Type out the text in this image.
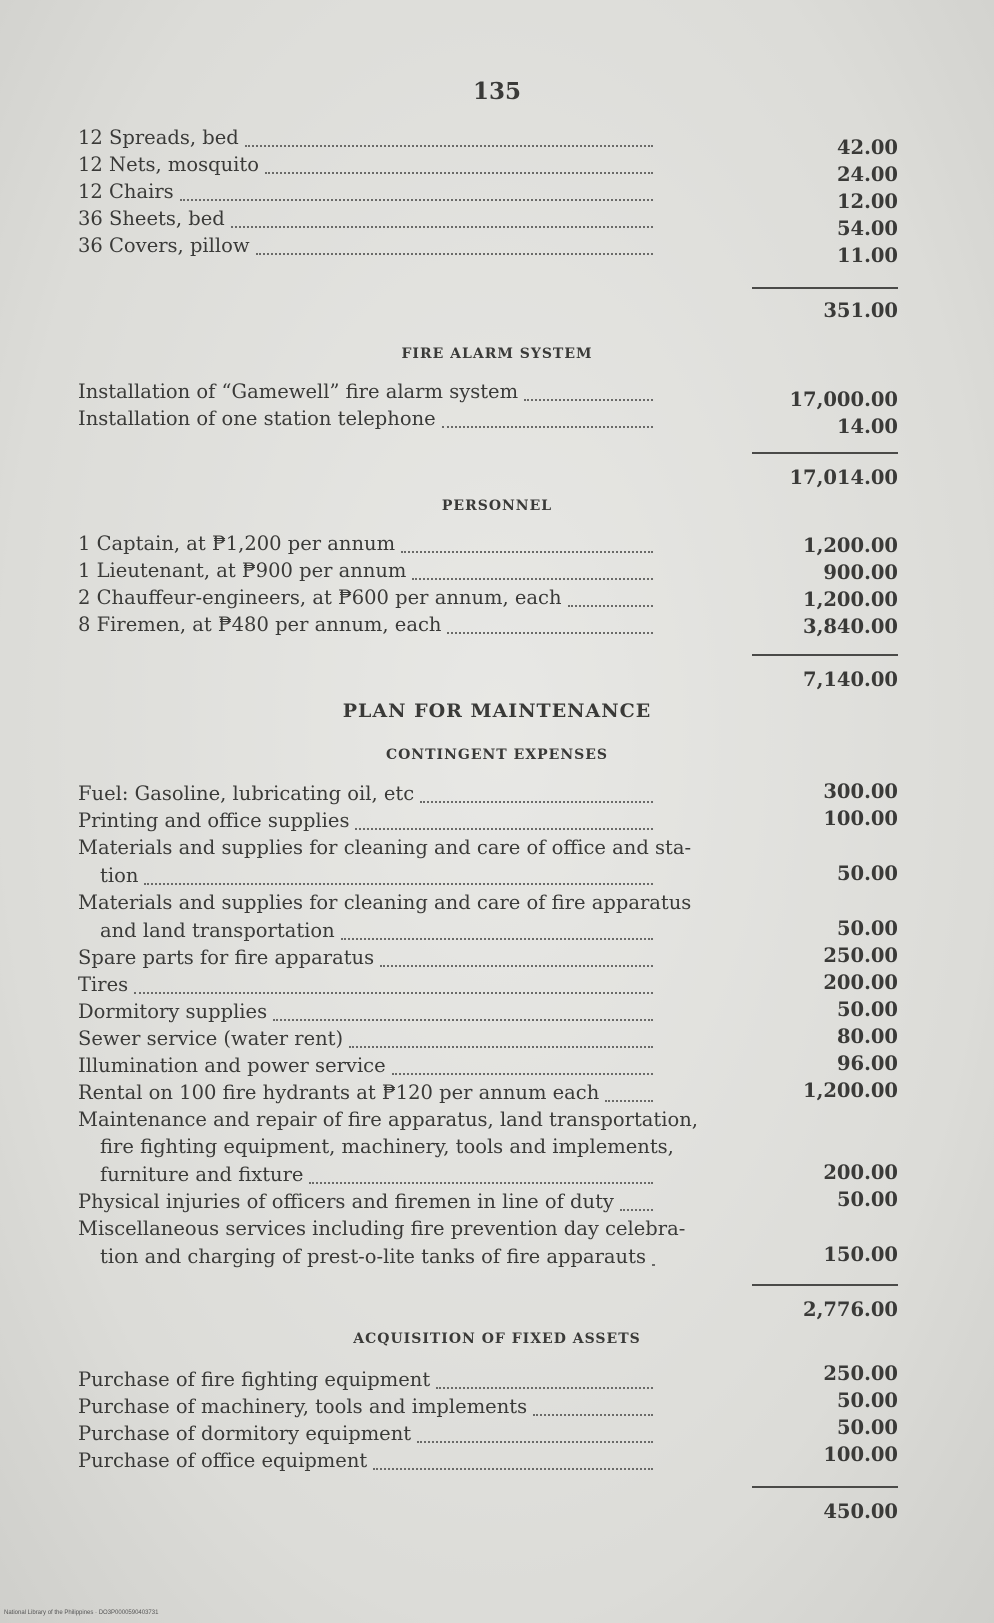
135
12 Spreads, bed	42.00
12 Nets, mosquito	24.00
12 Chairs	12.00
36 Sheets, bed	54.00
36 Covers, pillow	11.00
351.00
FIRE ALARM SYSTEM
Installation of “Gamewell” fire alarm system	17,000.00
Installation of one station telephone	14.00
17,014.00
PERSONNEL
1 Captain, at ₱1,200 per annum	1,200.00
1 Lieutenant, at ₱900 per annum	900.00
2 Chauffeur-engineers, at ₱600 per annum, each	1,200.00
8 Firemen, at ₱480 per annum, each	3,840.00
7,140.00
PLAN FOR MAINTENANCE
CONTINGENT EXPENSES
Fuel: Gasoline, lubricating oil, etc	300.00
Printing and office supplies	100.00
Materials and supplies for cleaning and care of office and sta-
tion	50.00
Materials and supplies for cleaning and care of fire apparatus
and land transportation	50.00
Spare parts for fire apparatus	250.00
Tires	200.00
Dormitory supplies	50.00
Sewer service (water rent)	80.00
Illumination and power service	96.00
Rental on 100 fire hydrants at ₱120 per annum each	1,200.00
Maintenance and repair of fire apparatus, land transportation,
fire fighting equipment, machinery, tools and implements,
furniture and fixture	200.00
Physical injuries of officers and firemen in line of duty	50.00
Miscellaneous services including fire prevention day celebra-
tion and charging of prest-o-lite tanks of fire apparauts	150.00
2,776.00
ACQUISITION OF FIXED ASSETS
Purchase of fire fighting equipment	250.00
Purchase of machinery, tools and implements	50.00
Purchase of dormitory equipment	50.00
Purchase of office equipment	100.00
450.00
National Library of the Philippines · DO3P0000590403731
